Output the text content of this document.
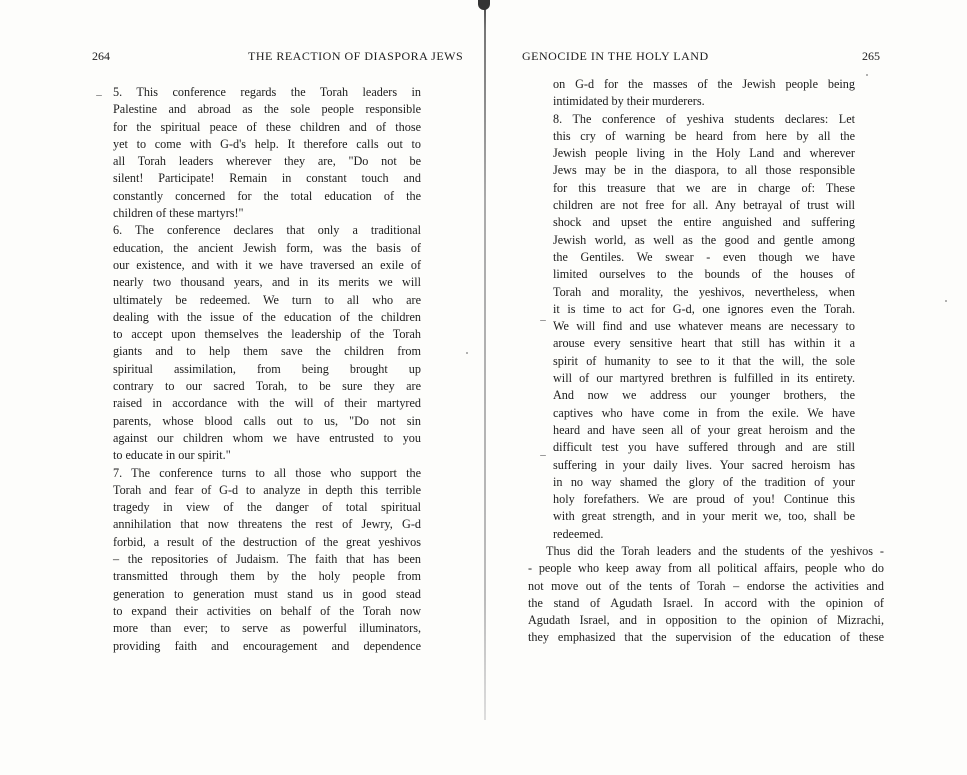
264	THE REACTION OF DIASPORA JEWS
5. This conference regards the Torah leaders in
Palestine and abroad as the sole people responsible
for the spiritual peace of these children and of those
yet to come with G-d's help. It therefore calls out to
all Torah leaders wherever they are, "Do not be
silent! Participate! Remain in constant touch and
constantly concerned for the total education of the
children of these martyrs!"
6. The conference declares that only a traditional
education, the ancient Jewish form, was the basis of
our existence, and with it we have traversed an exile of
nearly two thousand years, and in its merits we will
ultimately be redeemed. We turn to all who are
dealing with the issue of the education of the children
to accept upon themselves the leadership of the Torah
giants and to help them save the children from
spiritual assimilation, from being brought up
contrary to our sacred Torah, to be sure they are
raised in accordance with the will of their martyred
parents, whose blood calls out to us, "Do not sin
against our children whom we have entrusted to you
to educate in our spirit."
7. The conference turns to all those who support the
Torah and fear of G-d to analyze in depth this terrible
tragedy in view of the danger of total spiritual
annihilation that now threatens the rest of Jewry, G-d
forbid, a result of the destruction of the great yeshivos
– the repositories of Judaism. The faith that has been
transmitted through them by the holy people from
generation to generation must stand us in good stead
to expand their activities on behalf of the Torah now
more than ever; to serve as powerful illuminators,
providing faith and encouragement and dependence
GENOCIDE IN THE HOLY LAND	265
on G-d for the masses of the Jewish people being
intimidated by their murderers.
8. The conference of yeshiva students declares: Let
this cry of warning be heard from here by all the
Jewish people living in the Holy Land and wherever
Jews may be in the diaspora, to all those responsible
for this treasure that we are in charge of: These
children are not free for all. Any betrayal of trust will
shock and upset the entire anguished and suffering
Jewish world, as well as the good and gentle among
the Gentiles. We swear - even though we have
limited ourselves to the bounds of the houses of
Torah and morality, the yeshivos, nevertheless, when
it is time to act for G-d, one ignores even the Torah.
We will find and use whatever means are necessary to
arouse every sensitive heart that still has within it a
spirit of humanity to see to it that the will, the sole
will of our martyred brethren is fulfilled in its entirety.
And now we address our younger brothers, the
captives who have come in from the exile. We have
heard and have seen all of your great heroism and the
difficult test you have suffered through and are still
suffering in your daily lives. Your sacred heroism has
in no way shamed the glory of the tradition of your
holy forefathers. We are proud of you! Continue this
with great strength, and in your merit we, too, shall be
redeemed.
Thus did the Torah leaders and the students of the yeshivos -
- people who keep away from all political affairs, people who do
not move out of the tents of Torah – endorse the activities and
the stand of Agudath Israel. In accord with the opinion of
Agudath Israel, and in opposition to the opinion of Mizrachi,
they emphasized that the supervision of the education of these
